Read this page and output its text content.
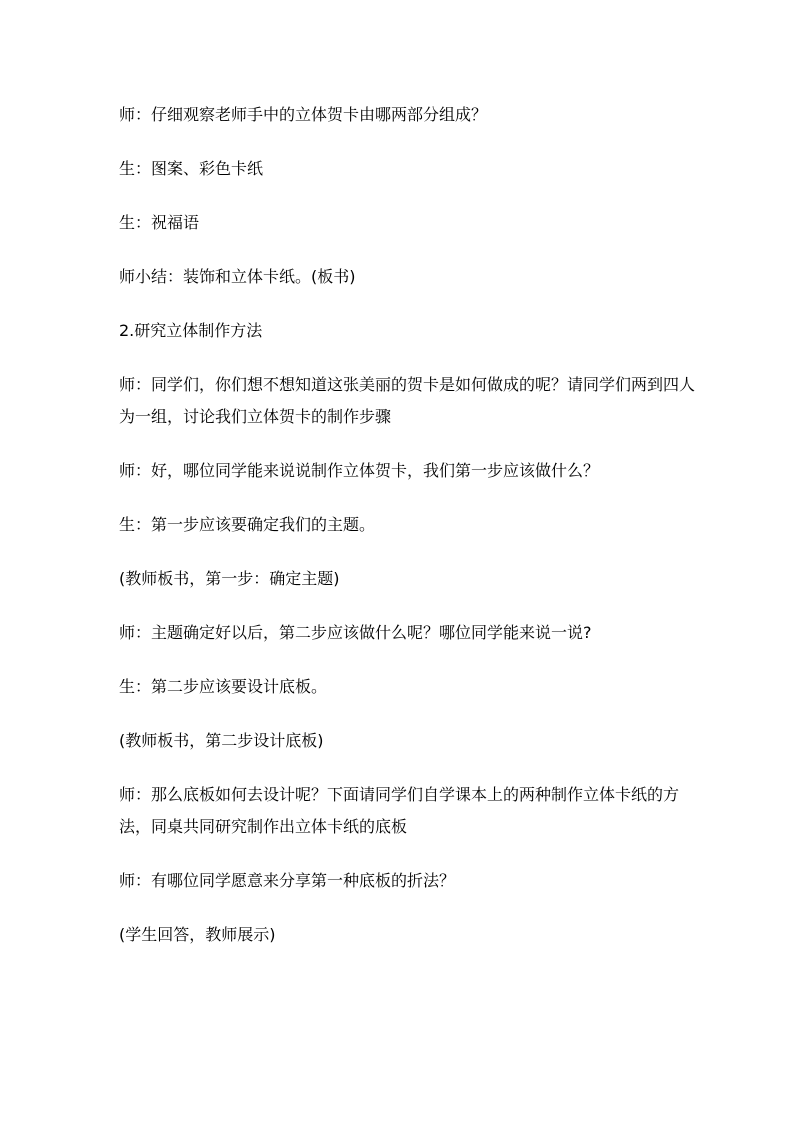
师：仔细观察老师手中的立体贺卡由哪两部分组成？

生：图案、彩色卡纸

生：祝福语

师小结：装饰和立体卡纸。(板书)

2.研究立体制作方法

师：同学们，你们想不想知道这张美丽的贺卡是如何做成的呢？请同学们两到四人为一组，讨论我们立体贺卡的制作步骤

师：好，哪位同学能来说说制作立体贺卡，我们第一步应该做什么？

生：第一步应该要确定我们的主题。

(教师板书，第一步：确定主题)

师：主题确定好以后，第二步应该做什么呢？哪位同学能来说一说?

生：第二步应该要设计底板。

(教师板书，第二步设计底板)

师：那么底板如何去设计呢？下面请同学们自学课本上的两种制作立体卡纸的方法，同桌共同研究制作出立体卡纸的底板

师：有哪位同学愿意来分享第一种底板的折法？

(学生回答，教师展示)
